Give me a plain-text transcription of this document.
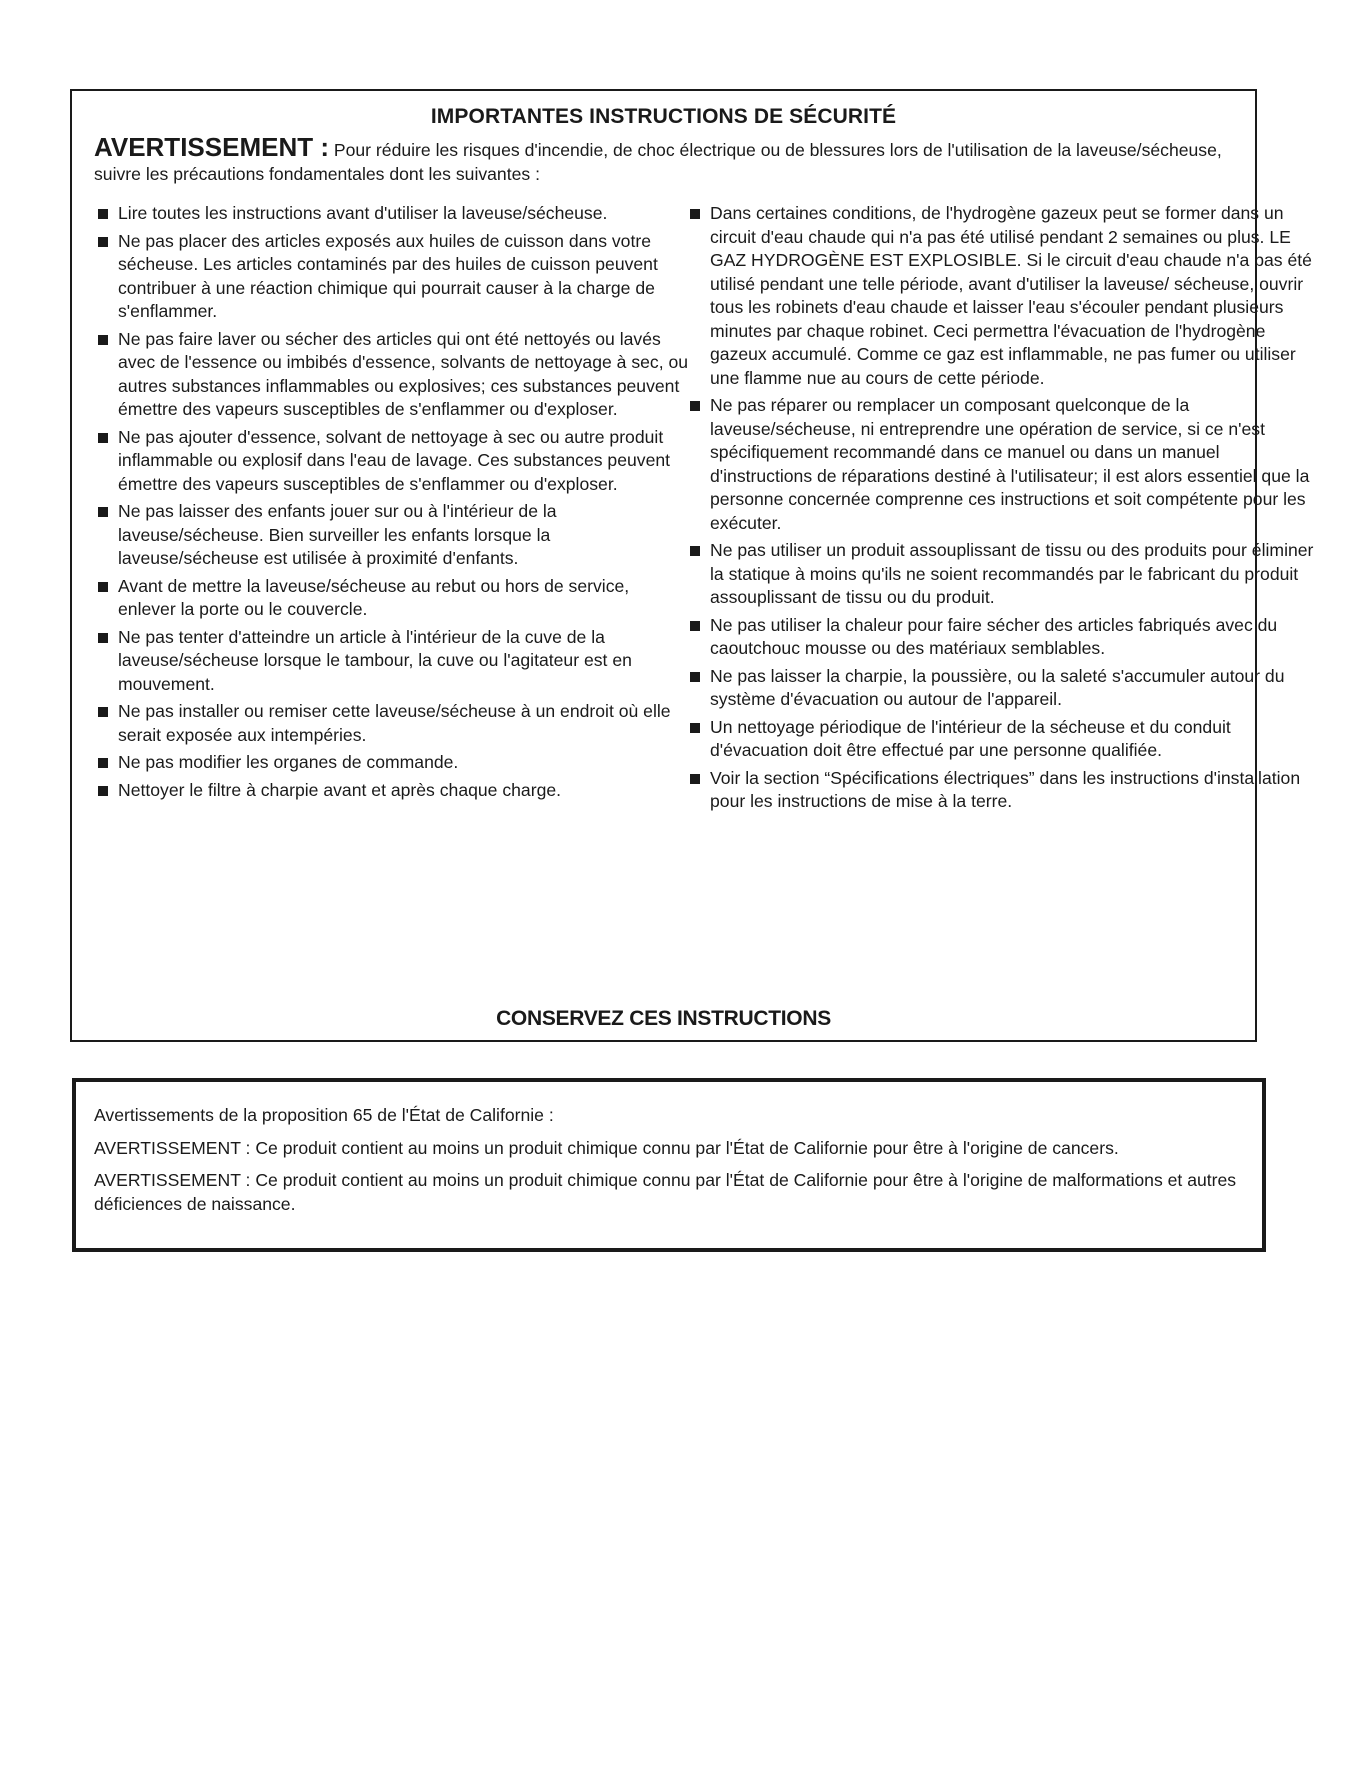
IMPORTANTES INSTRUCTIONS DE SÉCURITÉ
AVERTISSEMENT : Pour réduire les risques d'incendie, de choc électrique ou de blessures lors de l'utilisation de la laveuse/sécheuse, suivre les précautions fondamentales dont les suivantes :
Lire toutes les instructions avant d'utiliser la laveuse/sécheuse.
Ne pas placer des articles exposés aux huiles de cuisson dans votre sécheuse. Les articles contaminés par des huiles de cuisson peuvent contribuer à une réaction chimique qui pourrait causer à la charge de s'enflammer.
Ne pas faire laver ou sécher des articles qui ont été nettoyés ou lavés avec de l'essence ou imbibés d'essence, solvants de nettoyage à sec, ou autres substances inflammables ou explosives; ces substances peuvent émettre des vapeurs susceptibles de s'enflammer ou d'exploser.
Ne pas ajouter d'essence, solvant de nettoyage à sec ou autre produit inflammable ou explosif dans l'eau de lavage. Ces substances peuvent émettre des vapeurs susceptibles de s'enflammer ou d'exploser.
Ne pas laisser des enfants jouer sur ou à l'intérieur de la laveuse/sécheuse. Bien surveiller les enfants lorsque la laveuse/sécheuse est utilisée à proximité d'enfants.
Avant de mettre la laveuse/sécheuse au rebut ou hors de service, enlever la porte ou le couvercle.
Ne pas tenter d'atteindre un article à l'intérieur de la cuve de la laveuse/sécheuse lorsque le tambour, la cuve ou l'agitateur est en mouvement.
Ne pas installer ou remiser cette laveuse/sécheuse à un endroit où elle serait exposée aux intempéries.
Ne pas modifier les organes de commande.
Nettoyer le filtre à charpie avant et après chaque charge.
Dans certaines conditions, de l'hydrogène gazeux peut se former dans un circuit d'eau chaude qui n'a pas été utilisé pendant 2 semaines ou plus. LE GAZ HYDROGÈNE EST EXPLOSIBLE. Si le circuit d'eau chaude n'a pas été utilisé pendant une telle période, avant d'utiliser la laveuse/ sécheuse, ouvrir tous les robinets d'eau chaude et laisser l'eau s'écouler pendant plusieurs minutes par chaque robinet. Ceci permettra l'évacuation de l'hydrogène gazeux accumulé. Comme ce gaz est inflammable, ne pas fumer ou utiliser une flamme nue au cours de cette période.
Ne pas réparer ou remplacer un composant quelconque de la laveuse/sécheuse, ni entreprendre une opération de service, si ce n'est spécifiquement recommandé dans ce manuel ou dans un manuel d'instructions de réparations destiné à l'utilisateur; il est alors essentiel que la personne concernée comprenne ces instructions et soit compétente pour les exécuter.
Ne pas utiliser un produit assouplissant de tissu ou des produits pour éliminer la statique à moins qu'ils ne soient recommandés par le fabricant du produit assouplissant de tissu ou du produit.
Ne pas utiliser la chaleur pour faire sécher des articles fabriqués avec du caoutchouc mousse ou des matériaux semblables.
Ne pas laisser la charpie, la poussière, ou la saleté s'accumuler autour du système d'évacuation ou autour de l'appareil.
Un nettoyage périodique de l'intérieur de la sécheuse et du conduit d'évacuation doit être effectué par une personne qualifiée.
Voir la section “Spécifications électriques” dans les instructions d'installation pour les instructions de mise à la terre.
CONSERVEZ CES INSTRUCTIONS

Avertissements de la proposition 65 de l'État de Californie :

AVERTISSEMENT : Ce produit contient au moins un produit chimique connu par l'État de Californie pour être à l'origine de cancers.

AVERTISSEMENT : Ce produit contient au moins un produit chimique connu par l'État de Californie pour être à l'origine de malformations et autres déficiences de naissance.
